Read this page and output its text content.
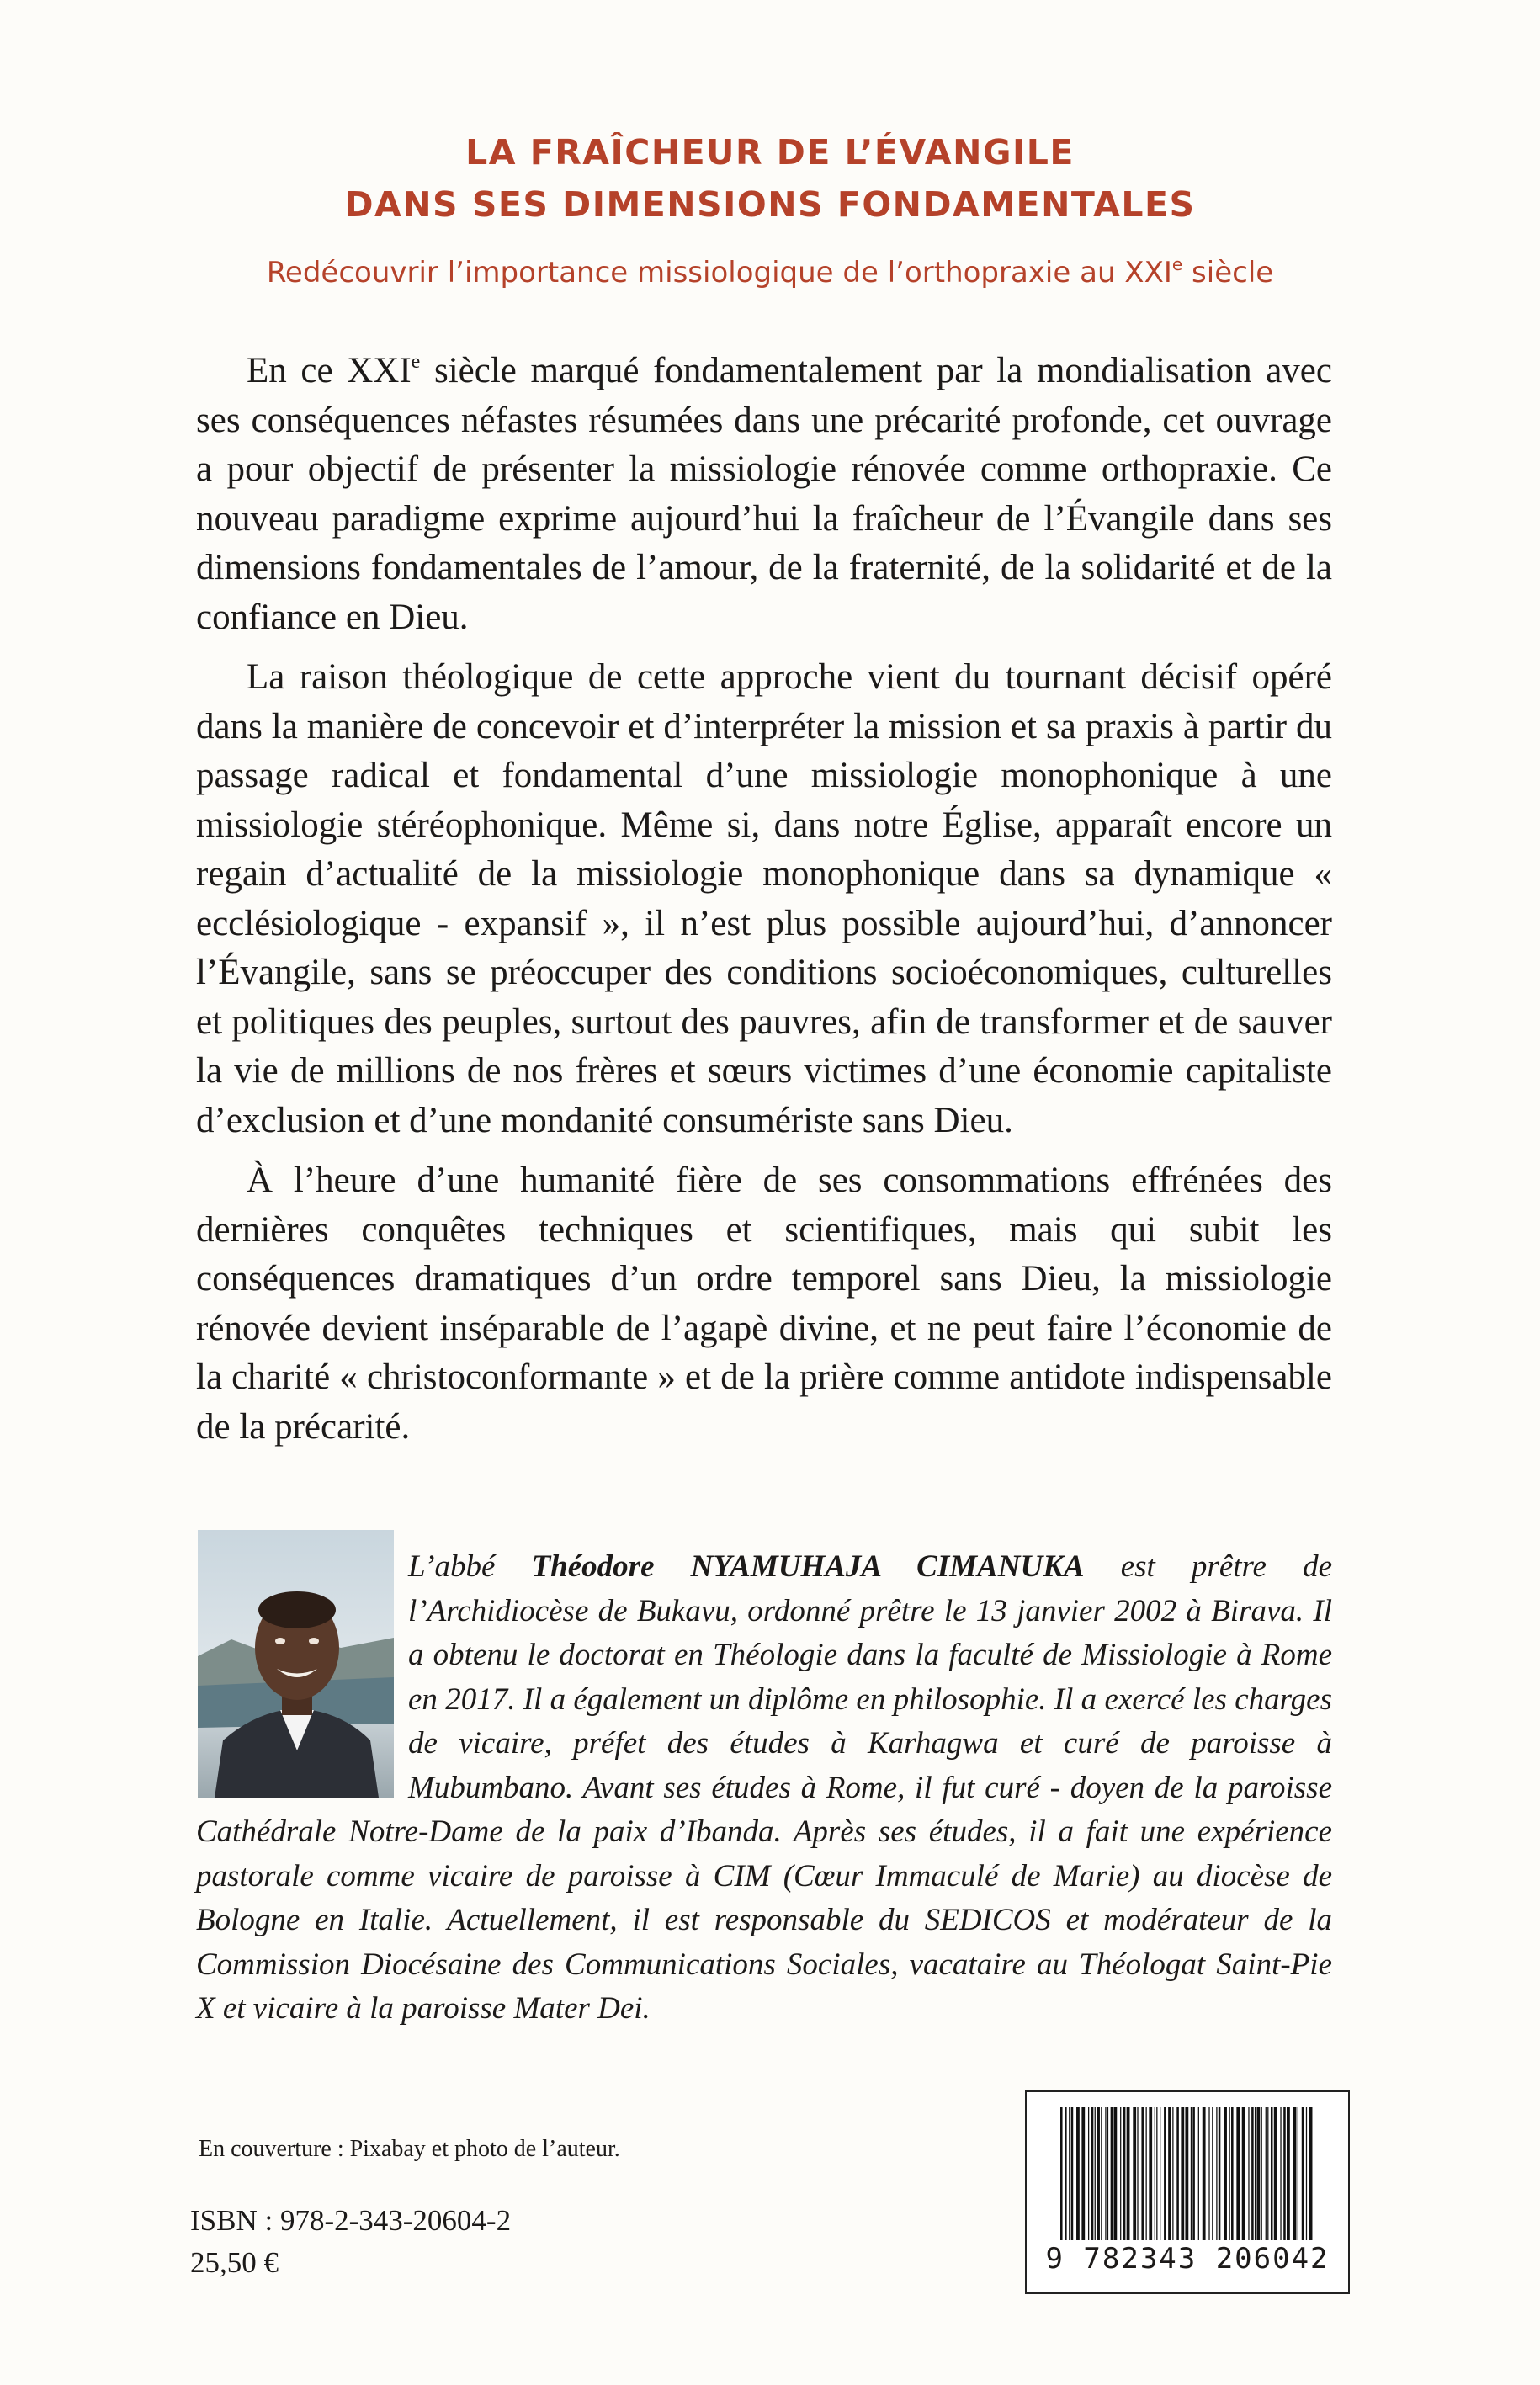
LA FRAÎCHEUR DE L’ÉVANGILE
DANS SES DIMENSIONS FONDAMENTALES
Redécouvrir l’importance missiologique de l’orthopraxie au XXIe siècle

En ce XXIe siècle marqué fondamentalement par la mondialisation avec ses conséquences néfastes résumées dans une précarité profonde, cet ouvrage a pour objectif de présenter la missiologie rénovée comme orthopraxie. Ce nouveau paradigme exprime aujourd’hui la fraîcheur de l’Évangile dans ses dimensions fondamentales de l’amour, de la fraternité, de la solidarité et de la confiance en Dieu.

La raison théologique de cette approche vient du tournant décisif opéré dans la manière de concevoir et d’interpréter la mission et sa praxis à partir du passage radical et fondamental d’une missiologie monophonique à une missiologie stéréophonique. Même si, dans notre Église, apparaît encore un regain d’actualité de la missiologie monophonique dans sa dynamique « ecclésiologique - expansif », il n’est plus possible aujourd’hui, d’annoncer l’Évangile, sans se préoccuper des conditions socioéconomiques, culturelles et politiques des peuples, surtout des pauvres, afin de transformer et de sauver la vie de millions de nos frères et sœurs victimes d’une économie capitaliste d’exclusion et d’une mondanité consumériste sans Dieu.

À l’heure d’une humanité fière de ses consommations effrénées des dernières conquêtes techniques et scientifiques, mais qui subit les conséquences dramatiques d’un ordre temporel sans Dieu, la missiologie rénovée devient inséparable de l’agapè divine, et ne peut faire l’économie de la charité « christoconformante » et de la prière comme antidote indispensable de la précarité.

L’abbé Théodore NYAMUHAJA CIMANUKA est prêtre de l’Archidiocèse de Bukavu, ordonné prêtre le 13 janvier 2002 à Birava. Il a obtenu le doctorat en Théologie dans la faculté de Missiologie à Rome en 2017. Il a également un diplôme en philosophie. Il a exercé les charges de vicaire, préfet des études à Karhagwa et curé de paroisse à Mubumbano. Avant ses études à Rome, il fut curé - doyen de la paroisse Cathédrale Notre-Dame de la paix d’Ibanda. Après ses études, il a fait une expérience pastorale comme vicaire de paroisse à CIM (Cœur Immaculé de Marie) au diocèse de Bologne en Italie. Actuellement, il est responsable du SEDICOS et modérateur de la Commission Diocésaine des Communications Sociales, vacataire au Théologat Saint-Pie X et vicaire à la paroisse Mater Dei.
En couverture : Pixabay et photo de l’auteur.
ISBN : 978-2-343-20604-2
25,50 €	9 782343 206042
